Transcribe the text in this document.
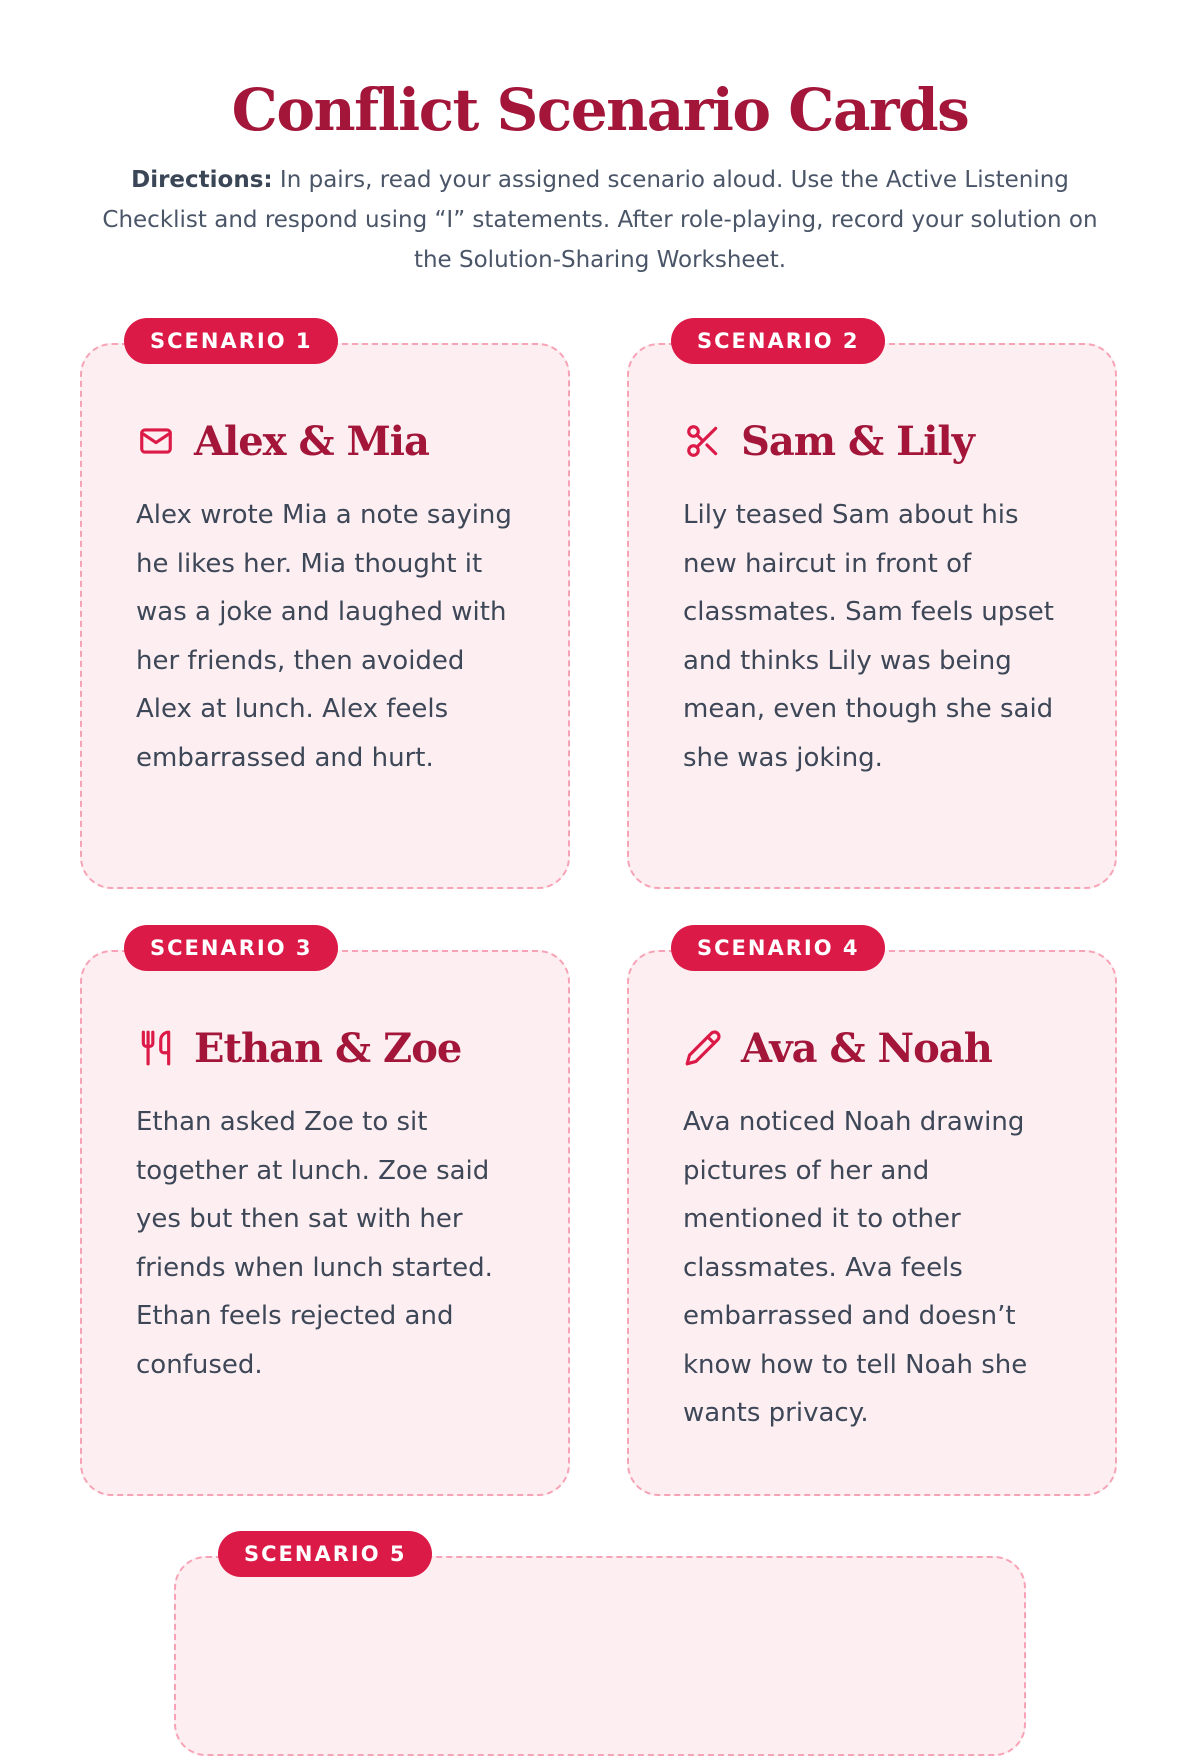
Conflict Scenario Cards

Directions: In pairs, read your assigned scenario aloud. Use the Active Listening Checklist and respond using “I” statements. After role-playing, record your solution on the Solution-Sharing Worksheet.

SCENARIO 1
Alex & Mia

Alex wrote Mia a note saying he likes her. Mia thought it was a joke and laughed with her friends, then avoided Alex at lunch. Alex feels embarrassed and hurt.

SCENARIO 2
Sam & Lily

Lily teased Sam about his new haircut in front of classmates. Sam feels upset and thinks Lily was being mean, even though she said she was joking.

SCENARIO 3
Ethan & Zoe

Ethan asked Zoe to sit together at lunch. Zoe said yes but then sat with her friends when lunch started. Ethan feels rejected and confused.

SCENARIO 4
Ava & Noah

Ava noticed Noah drawing pictures of her and mentioned it to other classmates. Ava feels embarrassed and doesn’t know how to tell Noah she wants privacy.

SCENARIO 5
